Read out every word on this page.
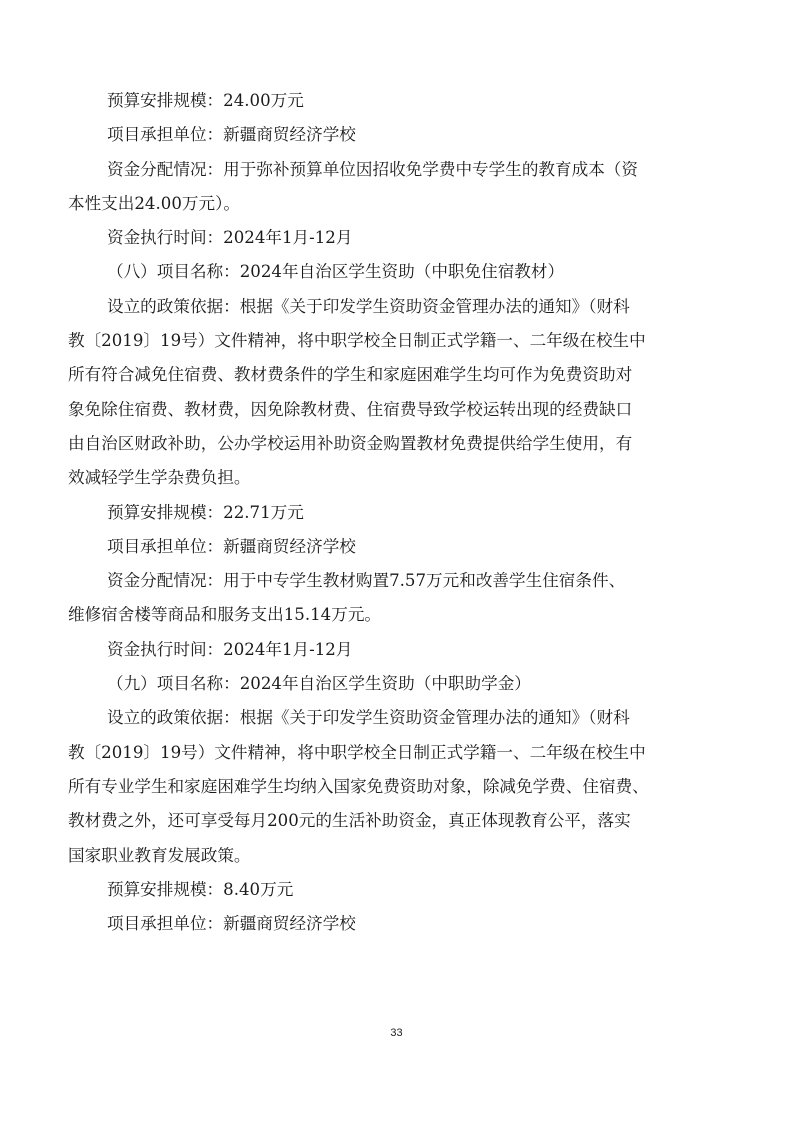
预算安排规模：24.00万元
项目承担单位：新疆商贸经济学校
资金分配情况：用于弥补预算单位因招收免学费中专学生的教育成本（资
本性支出24.00万元）。
资金执行时间：2024年1月-12月
（八）项目名称：2024年自治区学生资助（中职免住宿教材）
设立的政策依据：根据《关于印发学生资助资金管理办法的通知》（财科
教〔2019〕19号）文件精神，将中职学校全日制正式学籍一、二年级在校生中
所有符合减免住宿费、教材费条件的学生和家庭困难学生均可作为免费资助对
象免除住宿费、教材费，因免除教材费、住宿费导致学校运转出现的经费缺口
由自治区财政补助，公办学校运用补助资金购置教材免费提供给学生使用，有
效减轻学生学杂费负担。
预算安排规模：22.71万元
项目承担单位：新疆商贸经济学校
资金分配情况：用于中专学生教材购置7.57万元和改善学生住宿条件、
维修宿舍楼等商品和服务支出15.14万元。
资金执行时间：2024年1月-12月
（九）项目名称：2024年自治区学生资助（中职助学金）
设立的政策依据：根据《关于印发学生资助资金管理办法的通知》（财科
教〔2019〕19号）文件精神，将中职学校全日制正式学籍一、二年级在校生中
所有专业学生和家庭困难学生均纳入国家免费资助对象，除减免学费、住宿费、
教材费之外，还可享受每月200元的生活补助资金，真正体现教育公平，落实
国家职业教育发展政策。
预算安排规模：8.40万元
项目承担单位：新疆商贸经济学校
33
